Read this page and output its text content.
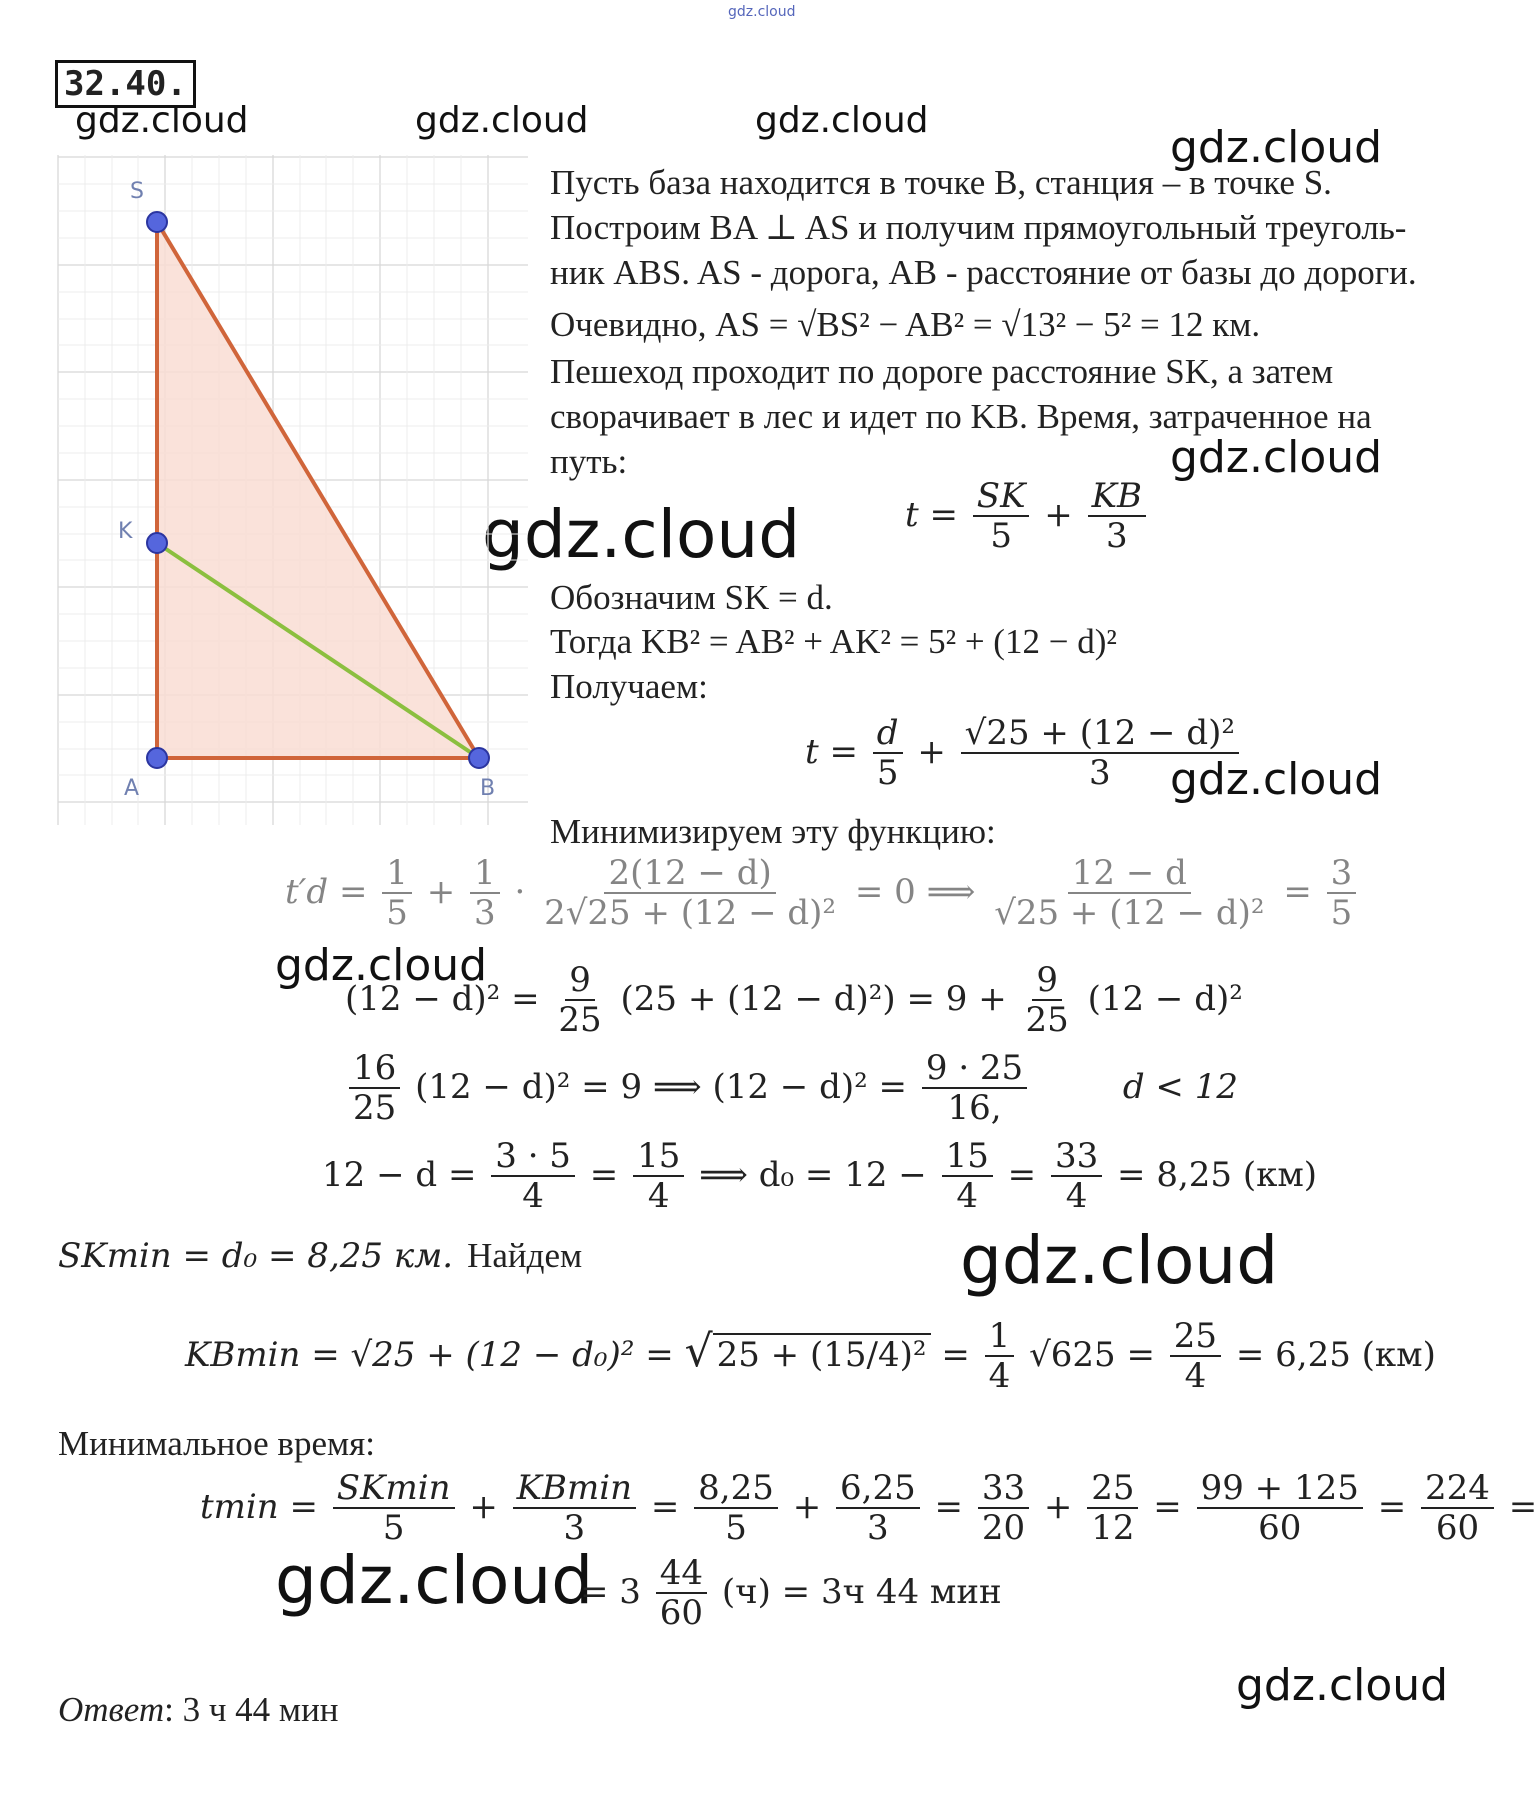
gdz.cloud
32.40.
gdz.cloud	gdz.cloud	gdz.cloud
gdz.cloud
gdz.cloud
gdz.cloud
gdz.cloud
gdz.cloud
gdz.cloud
gdz.cloud
gdz.cloud
S
K
A	B
Пусть база находится в точке B, станция – в точке S.
Построим BA ⊥ AS и получим прямоугольный треуголь-
ник ABS. AS - дорога, AB - расстояние от базы до дороги.
Очевидно, AS = √BS² − AB² = √13² − 5² = 12 км.
Пешеход проходит по дороге расстояние SK, а затем
сворачивает в лес и идет по KB. Время, затраченное на
путь:
$t = \frac{SK}{5} + \frac{KB}{3}$
Обозначим SK = d.
Тогда KB² = AB² + AK² = 5² + (12 − d)²
Получаем:
$t = \frac{d}{5} + \frac{\text{√25 + (12 − d)²}}{3}$
Минимизируем эту функцию:
$t'd = \frac{1}{5} + \frac{1}{3} \cdot \frac{2(12 - d)}{\text{2√25 + (12 − d)²}} = 0$ ⟹ $\frac{12 - d}{\text{√25 + (12 − d)²}} = \frac{3}{5}$
$(12 - d)^2 = \frac{9}{25} (25 + (12 - d)^2) = 9 + \frac{9}{25} (12 - d)^2$
$\frac{16}{25} (12 - d)^2 = 9$ ⟹ $(12 - d)^2 = \frac{9 \cdot 25}{16,}$	d < 12
$12 - d = \frac{3 \cdot 5}{4} = \frac{15}{4}$ ⟹ $d_0 = 12 - \frac{15}{4} = \frac{33}{4} = 8,25$ (км)
SKmin = d₀ = 8,25 км. Найдем
KBmin = √25 + (12 − d₀)² = √ $25 + (15/4)^2 = \frac{1}{4} √625 = \frac{25}{4} = 6,25$ (км)
Минимальное время:
$tmin = \frac{SKmin}{5} + \frac{KBmin}{3} = \frac{8,25}{5} + \frac{6,25}{3} = \frac{33}{20} + \frac{25}{12} = \frac{99 + 125}{60} = \frac{224}{60}$ =
= $3 \frac{44}{60} (ч) = 3ч$ 44 мин
Ответ: 3 ч 44 мин
